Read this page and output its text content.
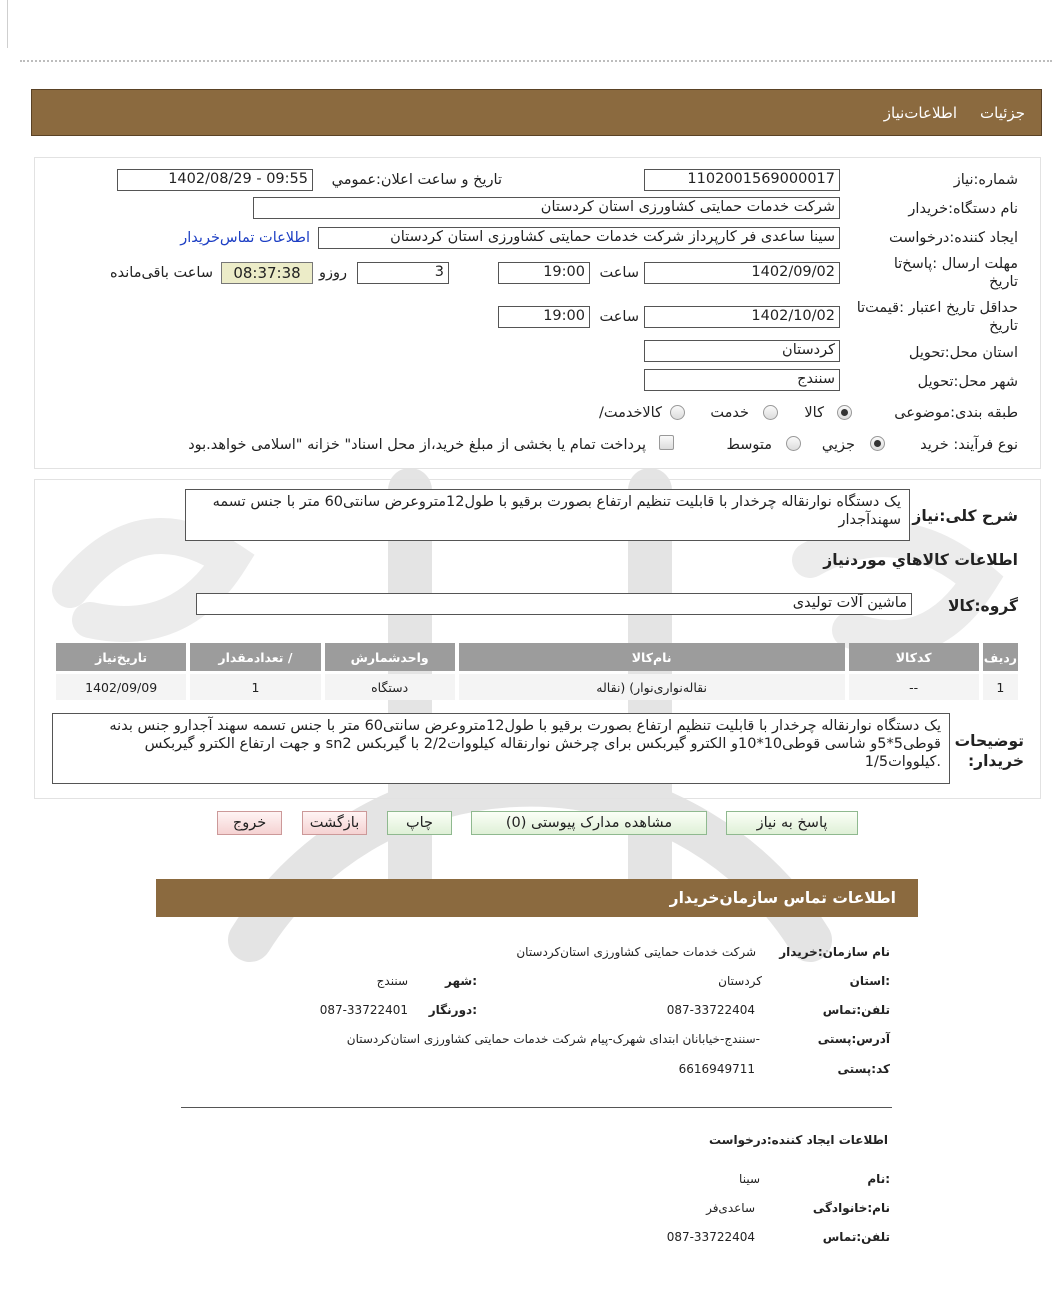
جزئيات
اطلاعات‌نیاز
شماره:نیاز
1102001569000017
تاریخ و ساعت اعلان:عمومي
1402/08/29 - 09:55
نام دستگاه:خریدار
شرکت خدمات حمایتی کشاورزی استان کردستان
ایجاد کننده:درخواست
سینا ساعدی فر کارپرداز شرکت خدمات حمایتی کشاورزی استان کردستان
اطلاعات تماس‌خریدار
مهلت ارسال :پاسخ‌تا
تاریخ
1402/09/02
ساعت
19:00
3
روزو
08:37:38
ساعت باقی‌مانده
حداقل تاریخ اعتبار :قیمت‌تا
تاریخ
1402/10/02
ساعت
19:00
استان محل:تحویل
کردستان
شهر محل:تحویل
سنندج
طبقه بندی:موضوعی
کالا
خدمت
/کالاخدمت
نوع فرآیند: خرید
جزيي
متوسط
پرداخت تمام یا بخشی از مبلغ خرید،از محل اسناد" خزانه "اسلامی خواهد.بود
شرح کلی:نیاز
یک دستگاه نوارنقاله چرخدار با قابلیت تنظیم ارتفاع بصورت برقیو با طول12متروعرض سانتی60 متر با جنس تسمه سهندآجدار
اطلاعات کالاهاي موردنیاز
گروه:کالا
ماشین آلات تولیدی
ردیف	کدکالا	نام‌کالا	واحدشمارش	/ تعدادمقدار	تاریخ‌نیاز
1	--	نقاله‌نواری‌نوار) (نقاله	دستگاه	1	1402/09/09
توضیحات
:خریدار
یک دستگاه نوارنقاله چرخدار با قابلیت تنظیم ارتفاع بصورت برقیو با طول12متروعرض سانتی60 متر با جنس تسمه سهند آجدارو جنس بدنه
قوطی5*5و شاسی قوطی10*10و الکترو گیربکس برای چرخش نوارنقاله کیلووات2/2 با گیربکس sn2 و جهت ارتفاع الکترو گیربکس
.کیلووات1/5
پاسخ به نیاز
مشاهده مدارک پیوستی (0)
چاپ
بازگشت
خروج
اطلاعات تماس سازمان‌خریدار
نام سازمان:خریدار
شرکت خدمات حمایتی کشاورزی استان‌کردستان
:استان
کردستان
:شهر
سنندج
تلفن:تماس
087-33722404
:دورنگار
087-33722401
آدرس:پستی
-سنندج-خیابانان ابتدای شهرک-پیام شرکت خدمات حمایتی کشاورزی استان‌کردستان
کد:پستی
6616949711
اطلاعات ایجاد کننده:درخواست
:نام
سینا
نام:خانوادگی
ساعدی‌فر
تلفن:تماس
087-33722404
